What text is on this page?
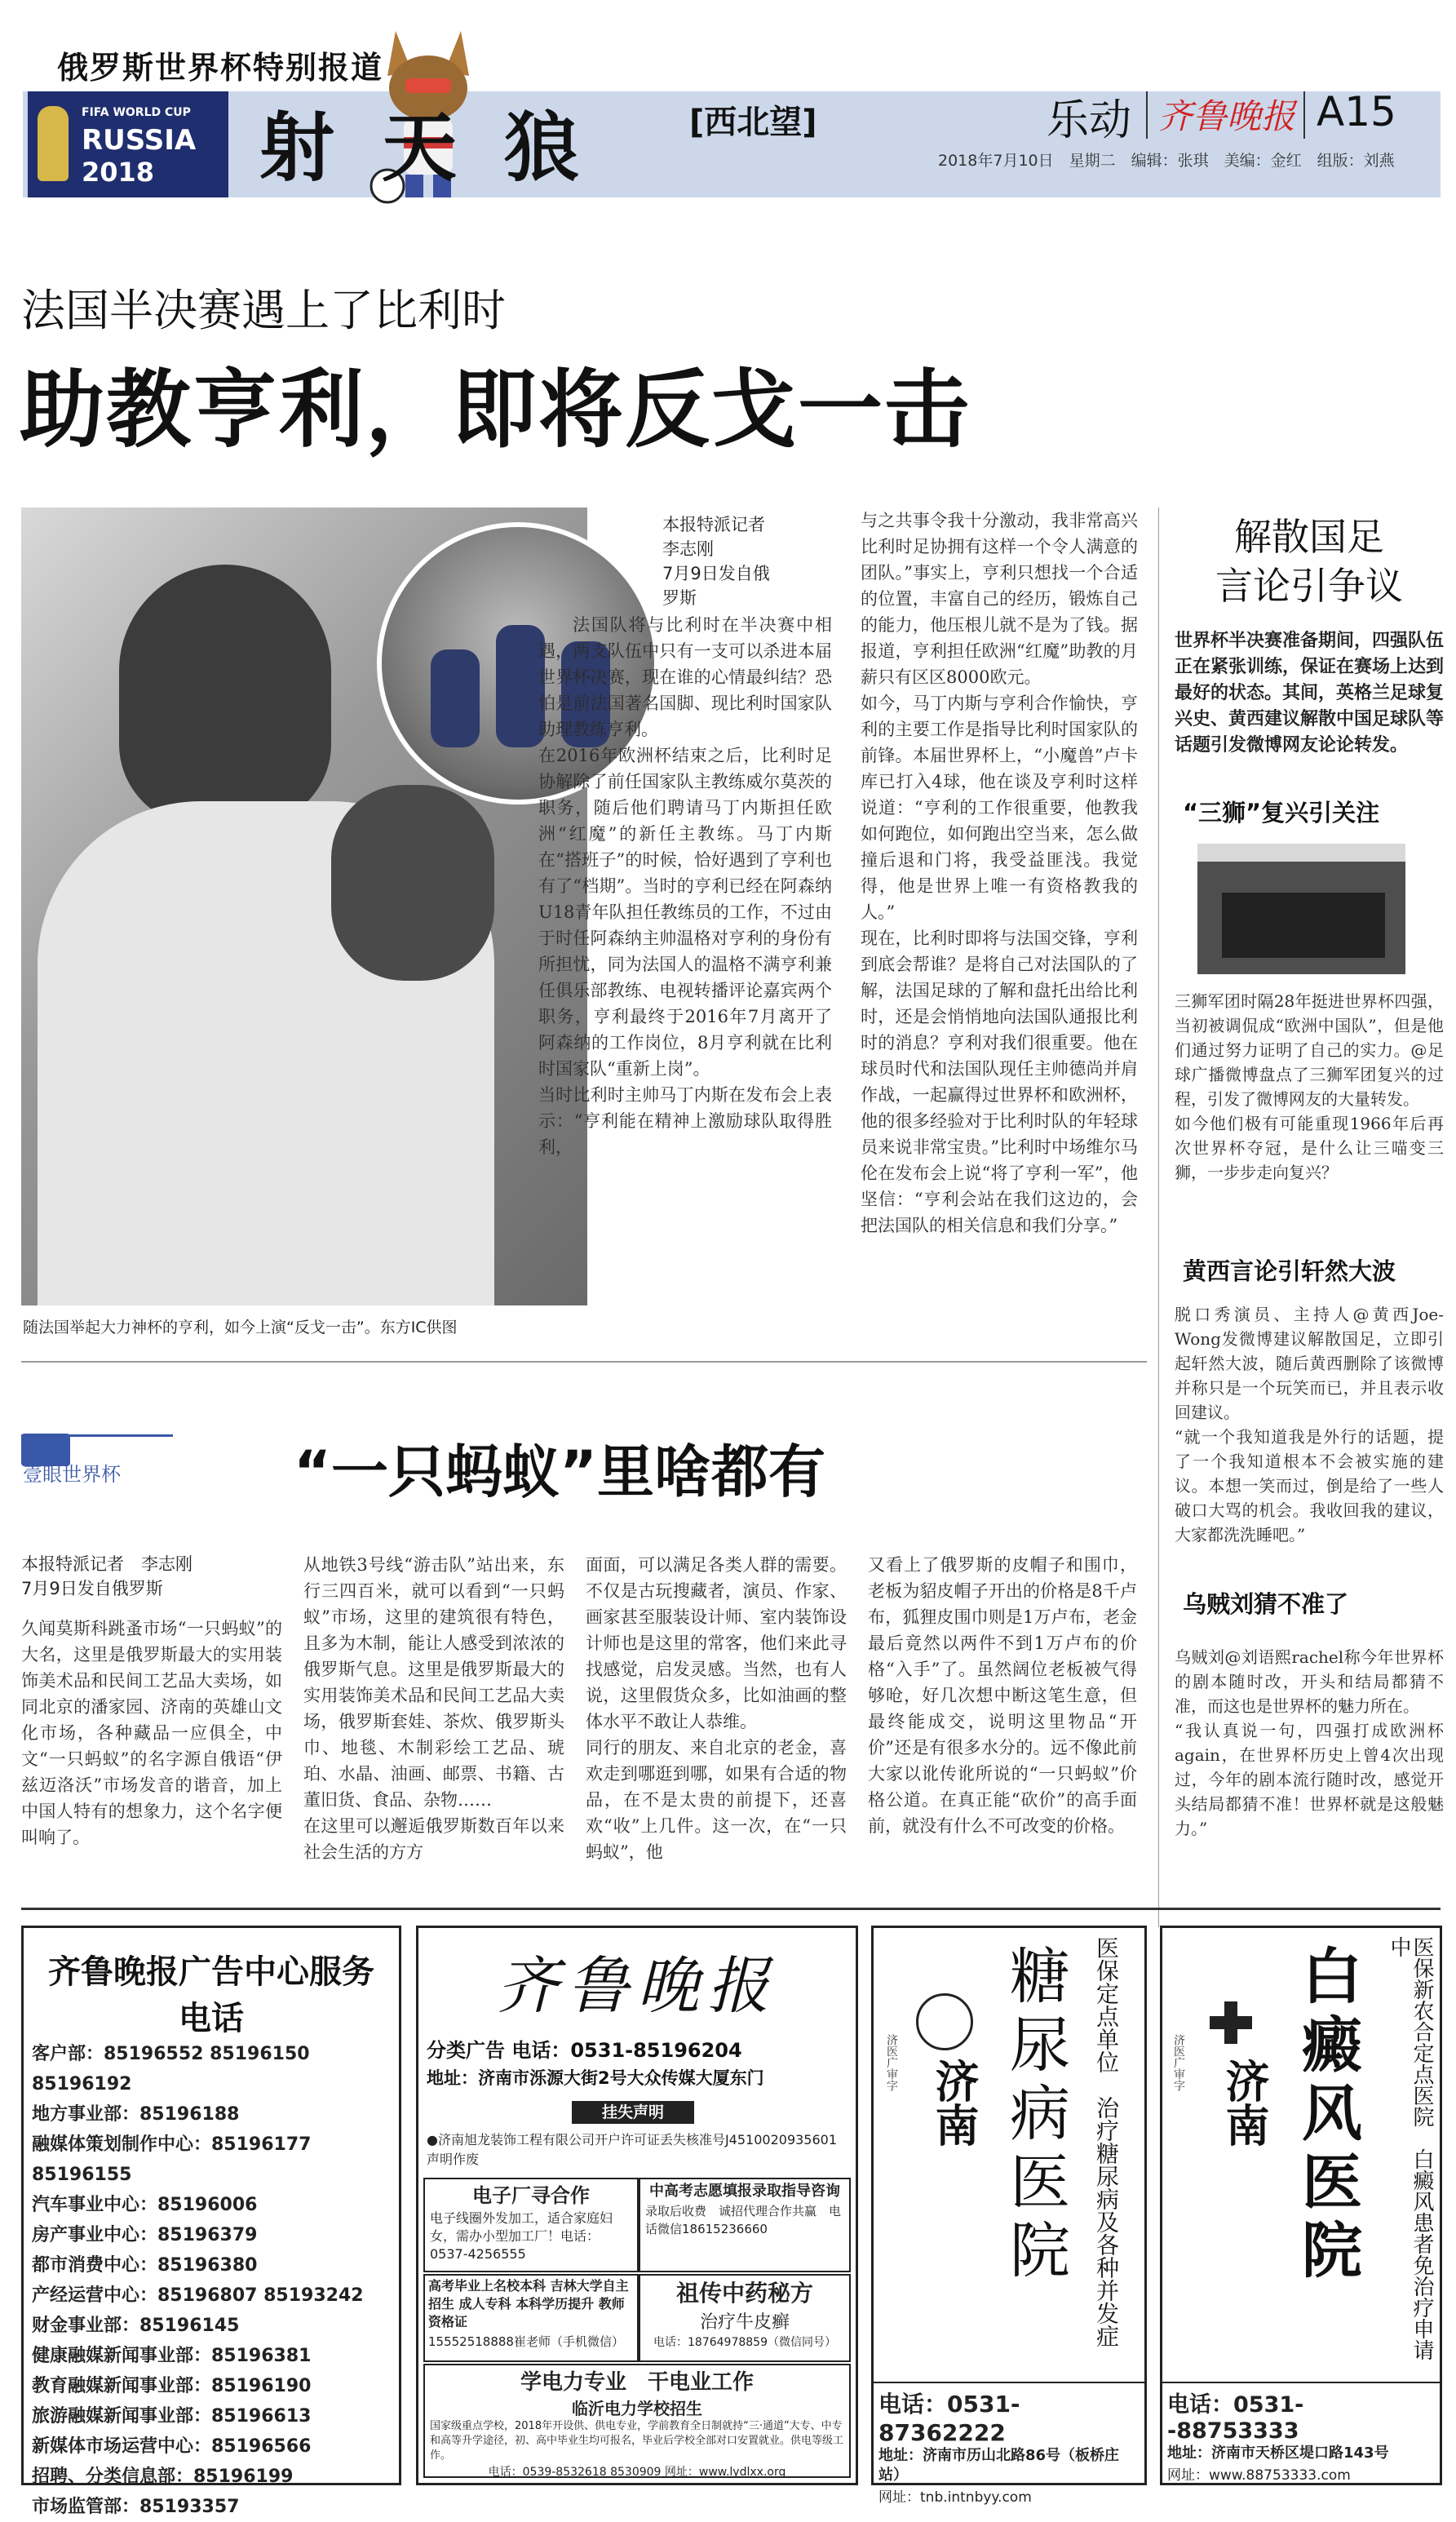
俄罗斯世界杯特别报道
FIFA WORLD CUP
RUSSIA
2018 射天狼 [西北望]	乐动 齐鲁晚报 A15
2018年7月10日　星期二　编辑：张琪　美编：金红　组版：刘燕
法国半决赛遇上了比利时
助教亨利，即将反戈一击
随法国举起大力神杯的亨利，如今上演“反戈一击”。东方IC供图
本报特派记者
李志刚
7月9日发自俄
罗斯
法国队将与比利时在半决赛中相遇，两支队伍中只有一支可以杀进本届世界杯决赛，现在谁的心情最纠结？恐怕是前法国著名国脚、现比利时国家队助理教练亨利。
在2016年欧洲杯结束之后，比利时足协解除了前任国家队主教练威尔莫茨的职务，随后他们聘请马丁内斯担任欧洲“红魔”的新任主教练。马丁内斯在“搭班子”的时候，恰好遇到了亨利也有了“档期”。当时的亨利已经在阿森纳U18青年队担任教练员的工作，不过由于时任阿森纳主帅温格对亨利的身份有所担忧，同为法国人的温格不满亨利兼任俱乐部教练、电视转播评论嘉宾两个职务，亨利最终于2016年7月离开了阿森纳的工作岗位，8月亨利就在比利时国家队“重新上岗”。
当时比利时主帅马丁内斯在发布会上表示：“亨利能在精神上激励球队取得胜利，
与之共事令我十分激动，我非常高兴比利时足协拥有这样一个令人满意的团队。”事实上，亨利只想找一个合适的位置，丰富自己的经历，锻炼自己的能力，他压根儿就不是为了钱。据报道，亨利担任欧洲“红魔”助教的月薪只有区区8000欧元。
如今，马丁内斯与亨利合作愉快，亨利的主要工作是指导比利时国家队的前锋。本届世界杯上，“小魔兽”卢卡库已打入4球，他在谈及亨利时这样说道：“亨利的工作很重要，他教我如何跑位，如何跑出空当来，怎么做撞后退和门将，我受益匪浅。我觉得，他是世界上唯一有资格教我的人。”
现在，比利时即将与法国交锋，亨利到底会帮谁？是将自己对法国队的了解，法国足球的了解和盘托出给比利时，还是会悄悄地向法国队通报比利时的消息？亨利对我们很重要。他在球员时代和法国队现任主帅德尚并肩作战，一起赢得过世界杯和欧洲杯，他的很多经验对于比利时队的年轻球员来说非常宝贵。”比利时中场维尔马伦在发布会上说“将了亨利一军”，他坚信：“亨利会站在我们这边的，会把法国队的相关信息和我们分享。”
解散国足
言论引争议
世界杯半决赛准备期间，四强队伍正在紧张训练，保证在赛场上达到最好的状态。其间，英格兰足球复兴史、黄西建议解散中国足球队等话题引发微博网友论论转发。
“三狮”复兴引关注
三狮军团时隔28年挺进世界杯四强，当初被调侃成“欧洲中国队”，但是他们通过努力证明了自己的实力。@足球广播微博盘点了三狮军团复兴的过程，引发了微博网友的大量转发。
如今他们极有可能重现1966年后再次世界杯夺冠，是什么让三喵变三狮，一步步走向复兴？
黄西言论引轩然大波
脱口秀演员、主持人@黄西Joe-Wong发微博建议解散国足，立即引起轩然大波，随后黄西删除了该微博并称只是一个玩笑而已，并且表示收回建议。
“就一个我知道我是外行的话题，提了一个我知道根本不会被实施的建议。本想一笑而过，倒是给了一些人破口大骂的机会。我收回我的建议，大家都洗洗睡吧。”
乌贼刘猜不准了
乌贼刘@刘语熙rachel称今年世界杯的剧本随时改，开头和结局都猜不准，而这也是世界杯的魅力所在。
“我认真说一句，四强打成欧洲杯again，在世界杯历史上曾4次出现过，今年的剧本流行随时改，感觉开头结局都猜不准！世界杯就是这般魅力。”
壹眼世界杯	“一只蚂蚁”里啥都有
本报特派记者　李志刚
7月9日发自俄罗斯
久闻莫斯科跳蚤市场“一只蚂蚁”的大名，这里是俄罗斯最大的实用装饰美术品和民间工艺品大卖场，如同北京的潘家园、济南的英雄山文化市场，各种藏品一应俱全，中文“一只蚂蚁”的名字源自俄语“伊兹迈洛沃”市场发音的谐音，加上中国人特有的想象力，这个名字便叫响了。
从地铁3号线“游击队”站出来，东行三四百米，就可以看到“一只蚂蚁”市场，这里的建筑很有特色，且多为木制，能让人感受到浓浓的俄罗斯气息。这里是俄罗斯最大的实用装饰美术品和民间工艺品大卖场，俄罗斯套娃、茶炊、俄罗斯头巾、地毯、木制彩绘工艺品、琥珀、水晶、油画、邮票、书籍、古董旧货、食品、杂物……
在这里可以邂逅俄罗斯数百年以来社会生活的方方
面面，可以满足各类人群的需要。不仅是古玩搜藏者，演员、作家、画家甚至服装设计师、室内装饰设计师也是这里的常客，他们来此寻找感觉，启发灵感。当然，也有人说，这里假货众多，比如油画的整体水平不敢让人恭维。
同行的朋友、来自北京的老金，喜欢走到哪逛到哪，如果有合适的物品，在不是太贵的前提下，还喜欢“收”上几件。这一次，在“一只蚂蚁”，他
又看上了俄罗斯的皮帽子和围巾，老板为貂皮帽子开出的价格是8千卢布，狐狸皮围巾则是1万卢布，老金最后竟然以两件不到1万卢布的价格“入手”了。虽然阔位老板被气得够呛，好几次想中断这笔生意，但最终能成交，说明这里物品“开价”还是有很多水分的。远不像此前大家以讹传讹所说的“一只蚂蚁”价格公道。在真正能“砍价”的高手面前，就没有什么不可改变的价格。
齐鲁晚报广告中心服务电话
客户部：85196552 85196150 85196192
地方事业部：85196188
融媒体策划制作中心：85196177 85196155
汽车事业中心：85196006
房产事业中心：85196379
都市消费中心：85196380
产经运营中心：85196807 85193242
财金事业部：85196145
健康融媒新闻事业部：85196381
教育融媒新闻事业部：85196190
旅游融媒新闻事业部：85196613
新媒体市场运营中心：85196566
招聘、分类信息部：85196199
市场监管部：85193357
齐鲁晚报
分类广告 电话：0531-85196204
地址：济南市泺源大街2号大众传媒大厦东门
挂失声明
●济南旭龙装饰工程有限公司开户许可证丢失核准号J4510020935601声明作废
电子厂寻合作
电子线圈外发加工，适合家庭妇女，需办小型加工厂！电话：0537-4256555
中高考志愿填报录取指导咨询
录取后收费　诚招代理合作共赢　电话微信18615236660
高考毕业上名校本科 吉林大学自主招生 成人专科 本科学历提升 教师资格证
15552518888崔老师（手机微信）
祖传中药秘方
治疗牛皮癣
电话：18764978859（微信同号）
学电力专业　干电业工作
临沂电力学校招生
国家级重点学校，2018年开设供、供电专业，学前教育全日制就持“三·通道”大专、中专和高等升学途径，初、高中毕业生均可报名，毕业后学校全部对口安置就业。供电等级工作。
电话：0539-8532618 8530909 网址：www.lydlxx.org
济医广审字 济南 糖尿病医院 医保定点单位　治疗糖尿病及各种并发症
电话：0531-87362222
地址：济南市历山北路86号（板桥庄站）
网址：tnb.intnbyy.com
济医广审字 济南 白癜风医院	医保新农合定点医院　白癜风患者免治疗申请中
电话：0531--88753333
地址：济南市天桥区堤口路143号
网址：www.88753333.com
